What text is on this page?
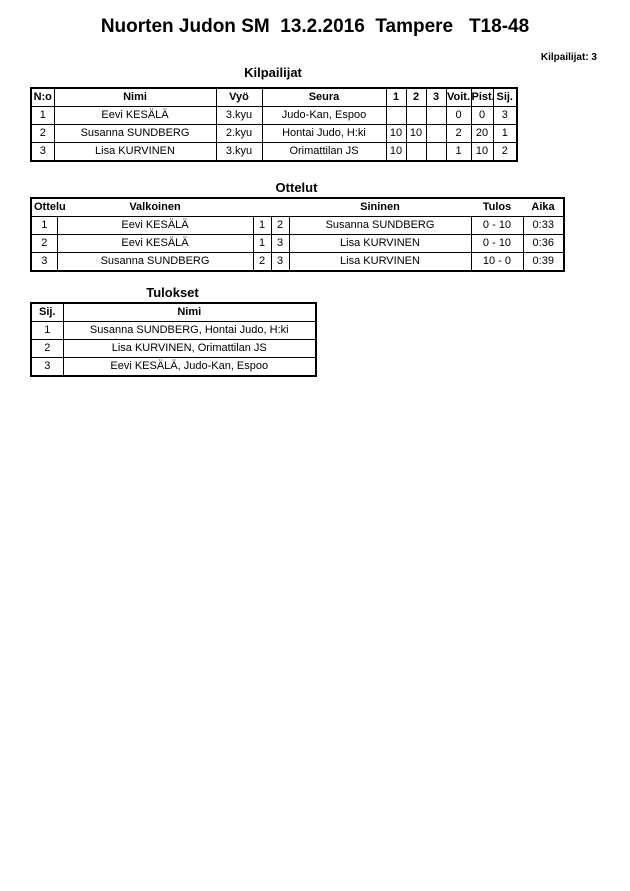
Nuorten Judon SM  13.2.2016  Tampere   T18-48
Kilpailijat: 3
Kilpailijat
N:o	Nimi	Vyö	Seura	1	2	3	Voit.	Pist.	Sij.
1	Eevi KESÄLÄ	3.kyu	Judo-Kan, Espoo				0	0	3
2	Susanna SUNDBERG	2.kyu	Hontai Judo, H:ki	10	10		2	20	1
3	Lisa KURVINEN	3.kyu	Orimattilan JS	10			1	10	2
Ottelut
Ottelu	Valkoinen			Sininen	Tulos	Aika
1	Eevi KESÄLÄ	1	2	Susanna SUNDBERG	0 - 10	0:33
2	Eevi KESÄLÄ	1	3	Lisa KURVINEN	0 - 10	0:36
3	Susanna SUNDBERG	2	3	Lisa KURVINEN	10 - 0	0:39
Tulokset
Sij.	Nimi
1	Susanna SUNDBERG, Hontai Judo, H:ki
2	Lisa KURVINEN, Orimattilan JS
3	Eevi KESÄLÄ, Judo-Kan, Espoo
